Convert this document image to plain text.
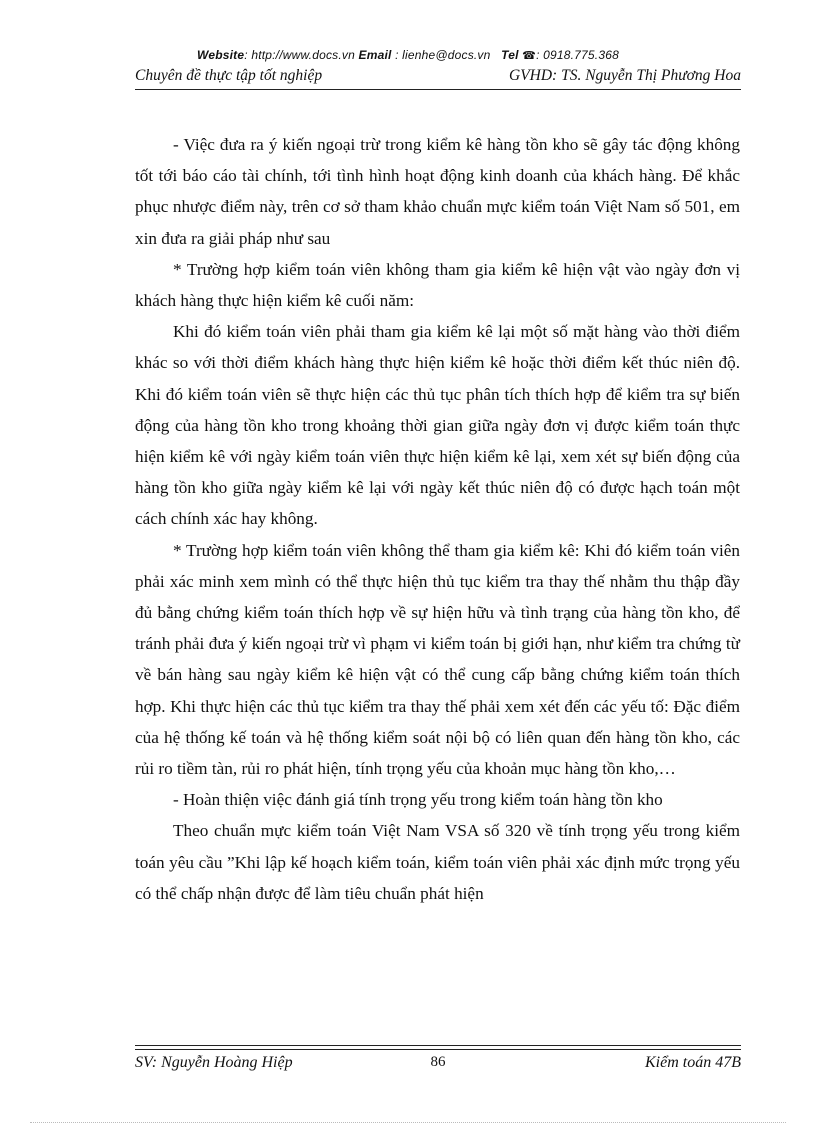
Website: http://www.docs.vn Email : lienhe@docs.vn Tel ☎: 0918.775.368
Chuyên đề thực tập tốt nghiệp	GVHD: TS. Nguyễn Thị Phương Hoa

- Việc đưa ra ý kiến ngoại trừ trong kiểm kê hàng tồn kho sẽ gây tác động không tốt tới báo cáo tài chính, tới tình hình hoạt động kinh doanh của khách hàng. Để khắc phục nhược điểm này, trên cơ sở tham khảo chuẩn mực kiểm toán Việt Nam số 501, em xin đưa ra giải pháp như sau

* Trường hợp kiểm toán viên không tham gia kiểm kê hiện vật vào ngày đơn vị khách hàng thực hiện kiểm kê cuối năm:

Khi đó kiểm toán viên phải tham gia kiểm kê lại một số mặt hàng vào thời điểm khác so với thời điểm khách hàng thực hiện kiểm kê hoặc thời điểm kết thúc niên độ. Khi đó kiểm toán viên sẽ thực hiện các thủ tục phân tích thích hợp để kiểm tra sự biến động của hàng tồn kho trong khoảng thời gian giữa ngày đơn vị được kiểm toán thực hiện kiểm kê với ngày kiểm toán viên thực hiện kiểm kê lại, xem xét sự biến động của hàng tồn kho giữa ngày kiểm kê lại với ngày kết thúc niên độ có được hạch toán một cách chính xác hay không.

* Trường hợp kiểm toán viên không thể tham gia kiểm kê: Khi đó kiểm toán viên phải xác minh xem mình có thể thực hiện thủ tục kiểm tra thay thế nhằm thu thập đầy đủ bằng chứng kiểm toán thích hợp về sự hiện hữu và tình trạng của hàng tồn kho, để tránh phải đưa ý kiến ngoại trừ vì phạm vi kiểm toán bị giới hạn, như kiểm tra chứng từ về bán hàng sau ngày kiểm kê hiện vật có thể cung cấp bằng chứng kiểm toán thích hợp. Khi thực hiện các thủ tục kiểm tra thay thế phải xem xét đến các yếu tố: Đặc điểm của hệ thống kế toán và hệ thống kiểm soát nội bộ có liên quan đến hàng tồn kho, các rủi ro tiềm tàn, rủi ro phát hiện, tính trọng yếu của khoản mục hàng tồn kho,…

- Hoàn thiện việc đánh giá tính trọng yếu trong kiểm toán hàng tồn kho

Theo chuẩn mực kiểm toán Việt Nam VSA số 320 về tính trọng yếu trong kiểm toán yêu cầu ”Khi lập kế hoạch kiểm toán, kiểm toán viên phải xác định mức trọng yếu có thể chấp nhận được để làm tiêu chuẩn phát hiện

SV: Nguyễn Hoàng Hiệp	86	Kiểm toán 47B
